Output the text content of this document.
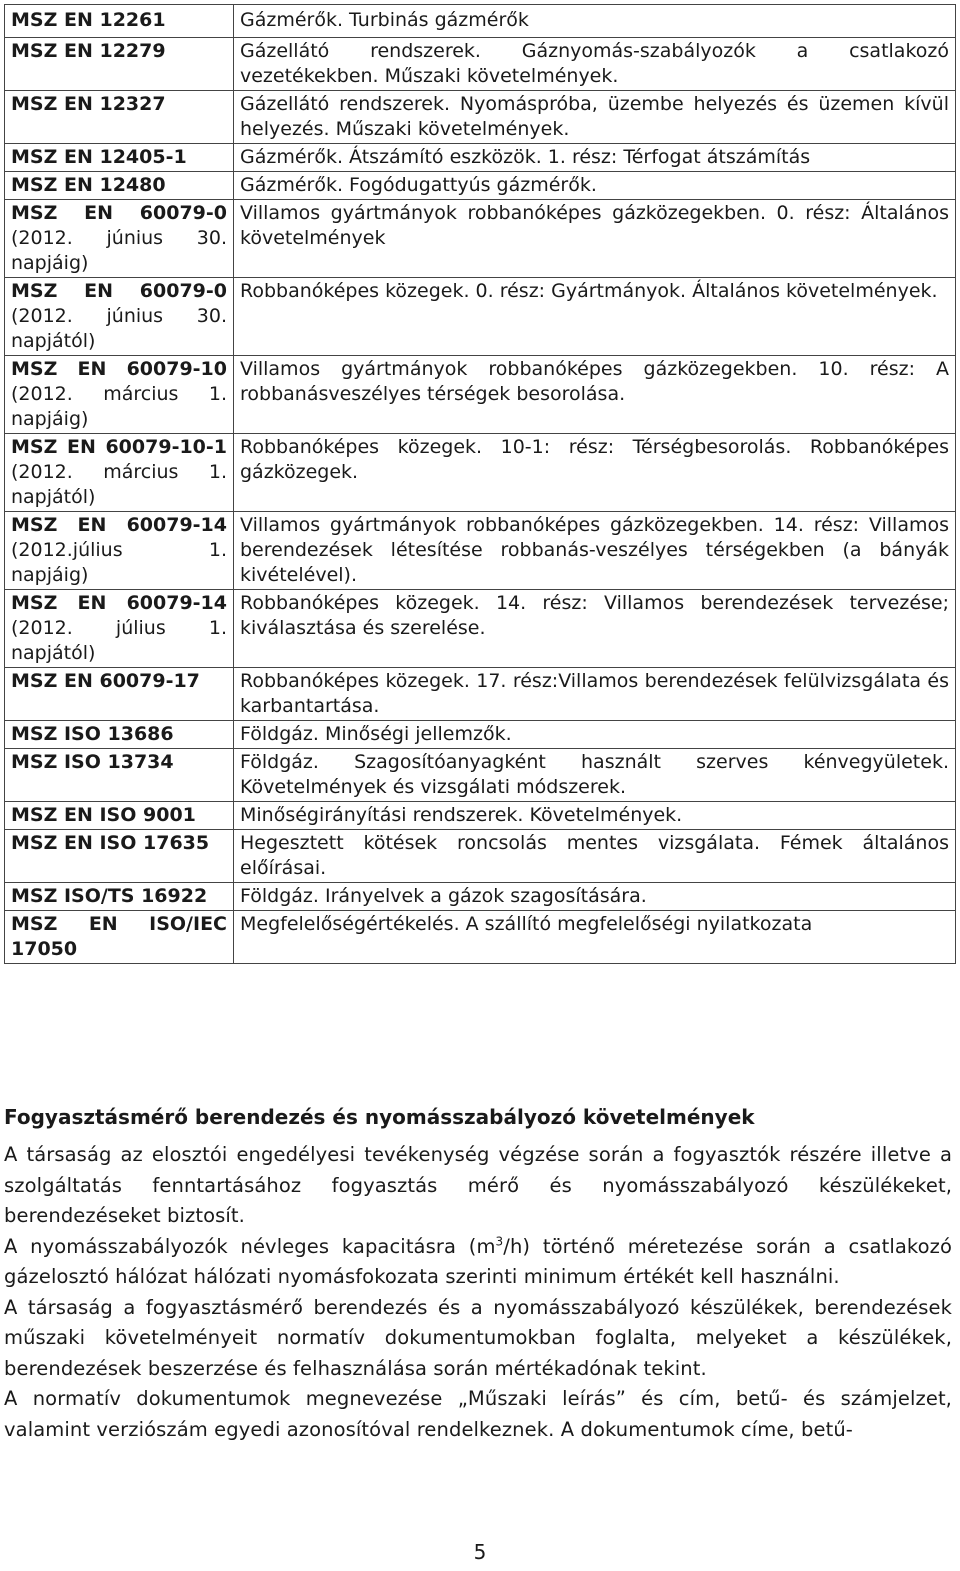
MSZ EN 12261	Gázmérők. Turbinás gázmérők
MSZ EN 12279	Gázellátó rendszerek. Gáznyomás-szabályozók a csatlakozó vezetékekben. Műszaki követelmények.
MSZ EN 12327	Gázellátó rendszerek. Nyomáspróba, üzembe helyezés és üzemen kívül helyezés. Műszaki követelmények.
MSZ EN 12405-1	Gázmérők. Átszámító eszközök. 1. rész: Térfogat átszámítás
MSZ EN 12480	Gázmérők. Fogódugattyús gázmérők.
MSZ EN 60079-0 (2012. június 30. napjáig)	Villamos gyártmányok robbanóképes gázközegekben. 0. rész: Általános követelmények
MSZ EN 60079-0 (2012. június 30. napjától)	Robbanóképes közegek. 0. rész: Gyártmányok. Általános követelmények.
MSZ EN 60079-10 (2012. március 1. napjáig)	Villamos gyártmányok robbanóképes gázközegekben. 10. rész: A robbanásveszélyes térségek besorolása.
MSZ EN 60079-10-1 (2012. március 1. napjától)	Robbanóképes közegek. 10-1: rész: Térségbesorolás. Robbanóképes gázközegek.
MSZ EN 60079-14 (2012.július 1. napjáig)	Villamos gyártmányok robbanóképes gázközegekben. 14. rész: Villamos berendezések létesítése robbanás-veszélyes térségekben (a bányák kivételével).
MSZ EN 60079-14 (2012. július 1. napjától)	Robbanóképes közegek. 14. rész: Villamos berendezések tervezése; kiválasztása és szerelése.
MSZ EN 60079-17	Robbanóképes közegek. 17. rész:Villamos berendezések felülvizsgálata és karbantartása.
MSZ ISO 13686	Földgáz. Minőségi jellemzők.
MSZ ISO 13734	Földgáz. Szagosítóanyagként használt szerves kénvegyületek. Követelmények és vizsgálati módszerek.
MSZ EN ISO 9001	Minőségirányítási rendszerek. Követelmények.
MSZ EN ISO 17635	Hegesztett kötések roncsolás mentes vizsgálata. Fémek általános előírásai.
MSZ ISO/TS 16922	Földgáz. Irányelvek a gázok szagosítására.
MSZ EN ISO/IEC 17050	Megfelelőségértékelés. A szállító megfelelőségi nyilatkozata
Fogyasztásmérő berendezés és nyomásszabályozó követelmények

A társaság az elosztói engedélyesi tevékenység végzése során a fogyasztók részére illetve a szolgáltatás fenntartásához fogyasztás mérő és nyomásszabályozó készülékeket, berendezéseket biztosít.

A nyomásszabályozók névleges kapacitásra $(m^3/h)$ történő méretezése során a csatlakozó gázelosztó hálózat hálózati nyomásfokozata szerinti minimum értékét kell használni.

A társaság a fogyasztásmérő berendezés és a nyomásszabályozó készülékek, berendezések műszaki követelményeit normatív dokumentumokban foglalta, melyeket a készülékek, berendezések beszerzése és felhasználása során mértékadónak tekint.

A normatív dokumentumok megnevezése „Műszaki leírás” és cím, betű- és számjelzet, valamint verziószám egyedi azonosítóval rendelkeznek. A dokumentumok címe, betű-

5
